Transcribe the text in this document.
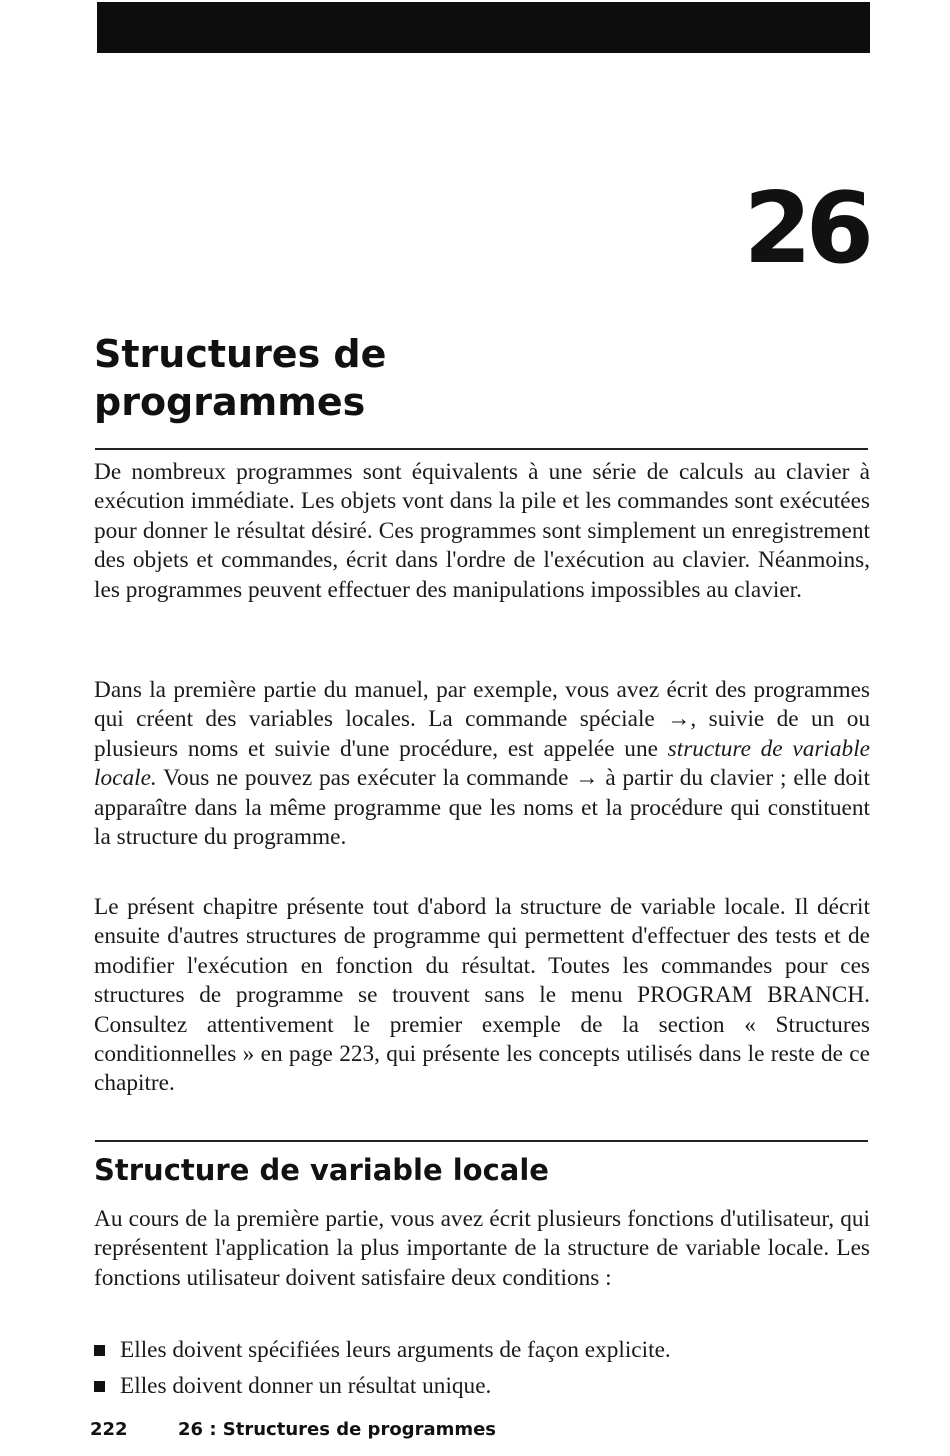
26
Structures de
programmes

De nombreux programmes sont équivalents à une série de calculs au clavier à exécution immédiate. Les objets vont dans la pile et les commandes sont exécutées pour donner le résultat désiré. Ces programmes sont simplement un enregistrement des objets et commandes, écrit dans l'ordre de l'exécution au clavier. Néanmoins, les programmes peuvent effectuer des manipulations impossibles au clavier.

Dans la première partie du manuel, par exemple, vous avez écrit des programmes qui créent des variables locales. La commande spéciale →, suivie de un ou plusieurs noms et suivie d'une procédure, est appelée une structure de variable locale. Vous ne pouvez pas exécuter la commande → à partir du clavier ; elle doit apparaître dans la même programme que les noms et la procédure qui constituent la structure du programme.

Le présent chapitre présente tout d'abord la structure de variable locale. Il décrit ensuite d'autres structures de programme qui permettent d'effectuer des tests et de modifier l'exécution en fonction du résultat. Toutes les commandes pour ces structures de programme se trouvent sans le menu PROGRAM BRANCH. Consultez attentivement le premier exemple de la section « Structures conditionnelles » en page 223, qui présente les concepts utilisés dans le reste de ce chapitre.

Structure de variable locale

Au cours de la première partie, vous avez écrit plusieurs fonctions d'utilisateur, qui représentent l'application la plus importante de la structure de variable locale. Les fonctions utilisateur doivent satisfaire deux conditions :

Elles doivent spécifiées leurs arguments de façon explicite.
Elles doivent donner un résultat unique.
222	26 : Structures de programmes
